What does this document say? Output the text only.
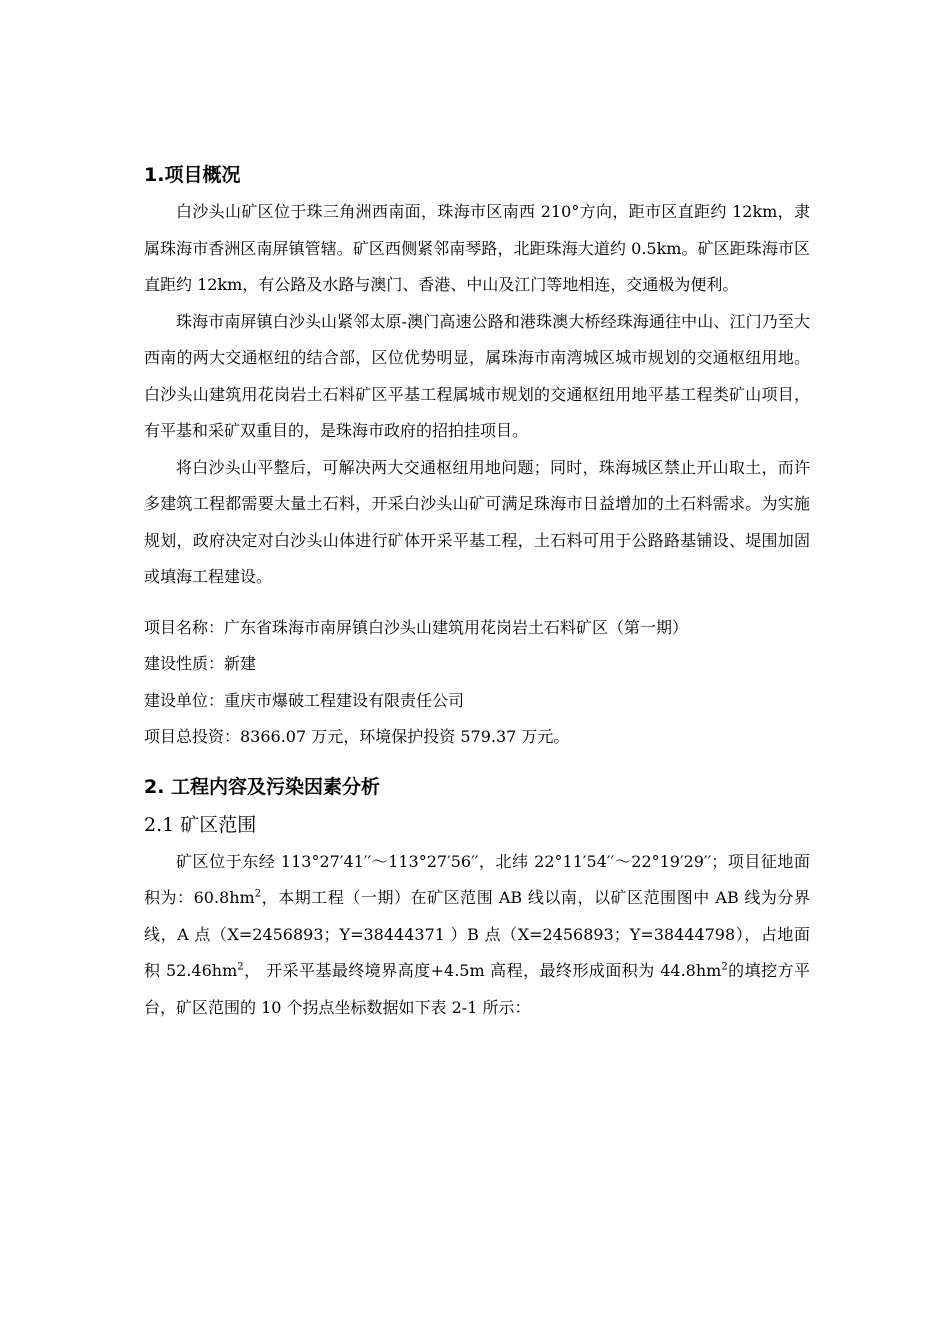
1.项目概况

白沙头山矿区位于珠三角洲西南面，珠海市区南西 210°方向，距市区直距约 12km，隶属珠海市香洲区南屏镇管辖。矿区西侧紧邻南琴路，北距珠海大道约 0.5km。矿区距珠海市区直距约 12km，有公路及水路与澳门、香港、中山及江门等地相连，交通极为便利。

珠海市南屏镇白沙头山紧邻太原-澳门高速公路和港珠澳大桥经珠海通往中山、江门乃至大西南的两大交通枢纽的结合部，区位优势明显，属珠海市南湾城区城市规划的交通枢纽用地。白沙头山建筑用花岗岩土石料矿区平基工程属城市规划的交通枢纽用地平基工程类矿山项目，有平基和采矿双重目的，是珠海市政府的招拍挂项目。

将白沙头山平整后，可解决两大交通枢纽用地问题；同时，珠海城区禁止开山取土，而许多建筑工程都需要大量土石料，开采白沙头山矿可满足珠海市日益增加的土石料需求。为实施规划，政府决定对白沙头山体进行矿体开采平基工程，土石料可用于公路路基铺设、堤围加固或填海工程建设。

项目名称：广东省珠海市南屏镇白沙头山建筑用花岗岩土石料矿区（第一期）

建设性质：新建

建设单位：重庆市爆破工程建设有限责任公司

项目总投资：8366.07 万元，环境保护投资 579.37 万元。

2. 工程内容及污染因素分析
2.1 矿区范围

矿区位于东经 113°27′41′′～113°27′56′′，北纬 22°11′54′′～22°19′29′′；项目征地面积为：$60.8hm^2$，本期工程（一期）在矿区范围 AB 线以南，以矿区范围图中 AB 线为分界线，A 点（X=2456893；Y=38444371 ）B 点（X=2456893；Y=38444798），占地面积 $52.46hm^2$， 开采平基最终境界高度+4.5m 高程，最终形成面积为 $44.8hm^2$的填挖方平台，矿区范围的 10 个拐点坐标数据如下表 2-1 所示：
